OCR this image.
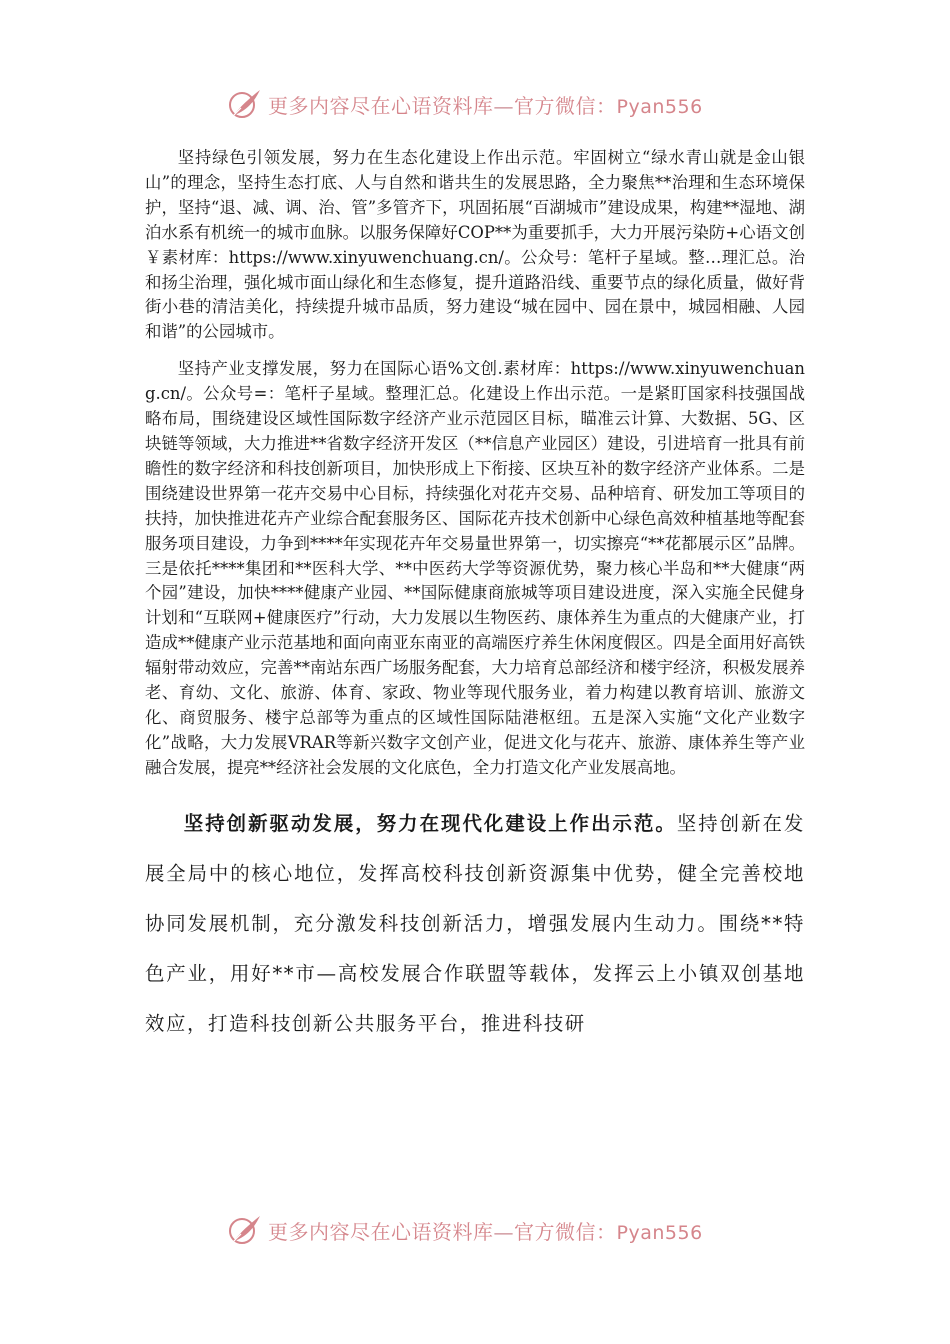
更多内容尽在心语资料库—官方微信：Pyan556

坚持绿色引领发展，努力在生态化建设上作出示范。牢固树立“绿水青山就是金山银山”的理念，坚持生态打底、人与自然和谐共生的发展思路，全力聚焦**治理和生态环境保护，坚持“退、减、调、治、管”多管齐下，巩固拓展“百湖城市”建设成果，构建**湿地、湖泊水系有机统一的城市血脉。以服务保障好COP**为重要抓手，大力开展污染防+心语文创￥素材库：https://www.xinyuwenchuang.cn/。公众号：笔杆子星域。整…理汇总。治和扬尘治理，强化城市面山绿化和生态修复，提升道路沿线、重要节点的绿化质量，做好背街小巷的清洁美化，持续提升城市品质，努力建设“城在园中、园在景中，城园相融、人园和谐”的公园城市。

坚持产业支撑发展，努力在国际心语%文创.素材库：https://www.xinyuwenchuang.cn/。公众号=：笔杆子星域。整理汇总。化建设上作出示范。一是紧盯国家科技强国战略布局，围绕建设区域性国际数字经济产业示范园区目标，瞄准云计算、大数据、5G、区块链等领域，大力推进**省数字经济开发区（**信息产业园区）建设，引进培育一批具有前瞻性的数字经济和科技创新项目，加快形成上下衔接、区块互补的数字经济产业体系。二是围绕建设世界第一花卉交易中心目标，持续强化对花卉交易、品种培育、研发加工等项目的扶持，加快推进花卉产业综合配套服务区、国际花卉技术创新中心绿色高效种植基地等配套服务项目建设，力争到****年实现花卉年交易量世界第一，切实擦亮“**花都展示区”品牌。三是依托****集团和**医科大学、**中医药大学等资源优势，聚力核心半岛和**大健康“两个园”建设，加快****健康产业园、**国际健康商旅城等项目建设进度，深入实施全民健身计划和“互联网+健康医疗”行动，大力发展以生物医药、康体养生为重点的大健康产业，打造成**健康产业示范基地和面向南亚东南亚的高端医疗养生休闲度假区。四是全面用好高铁辐射带动效应，完善**南站东西广场服务配套，大力培育总部经济和楼宇经济，积极发展养老、育幼、文化、旅游、体育、家政、物业等现代服务业，着力构建以教育培训、旅游文化、商贸服务、楼宇总部等为重点的区域性国际陆港枢纽。五是深入实施“文化产业数字化”战略，大力发展VRAR等新兴数字文创产业，促进文化与花卉、旅游、康体养生等产业融合发展，提亮**经济社会发展的文化底色，全力打造文化产业发展高地。

坚持创新驱动发展，努力在现代化建设上作出示范。坚持创新在发展全局中的核心地位，发挥高校科技创新资源集中优势，健全完善校地协同发展机制，充分激发科技创新活力，增强发展内生动力。围绕**特色产业，用好**市—高校发展合作联盟等载体，发挥云上小镇双创基地效应，打造科技创新公共服务平台，推进科技研

更多内容尽在心语资料库—官方微信：Pyan556
